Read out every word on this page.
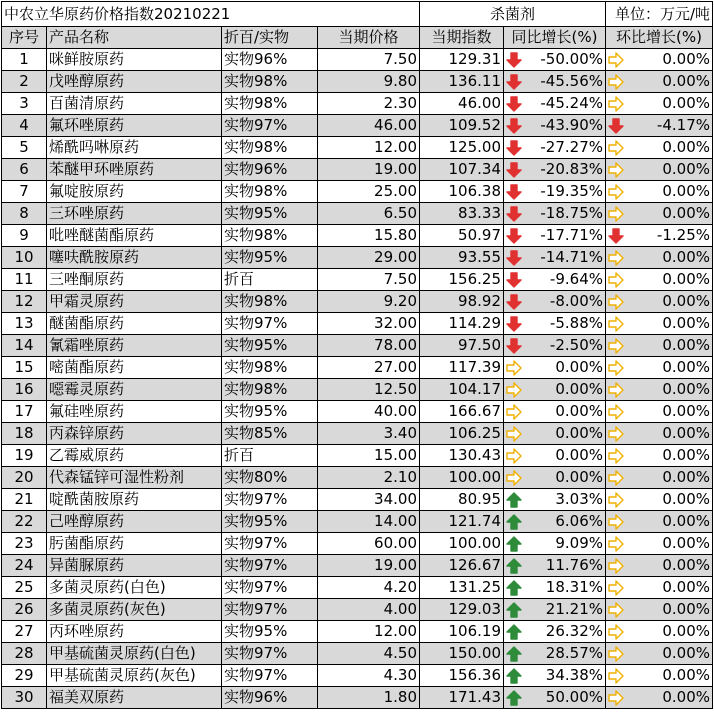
中农立华原药价格指数20210221				杀菌剂		单位：万元/吨
序号	产品名称	折百/实物	当期价格	当期指数	同比增长(%)	环比增长(%)
1	咪鲜胺原药	实物96%	7.50	129.31	-50.00%	0.00%
2	戊唑醇原药	实物98%	9.80	136.11	-45.56%	0.00%
3	百菌清原药	实物98%	2.30	46.00	-45.24%	0.00%
4	氟环唑原药	实物97%	46.00	109.52	-43.90%	-4.17%
5	烯酰吗啉原药	实物98%	12.00	125.00	-27.27%	0.00%
6	苯醚甲环唑原药	实物96%	19.00	107.34	-20.83%	0.00%
7	氟啶胺原药	实物98%	25.00	106.38	-19.35%	0.00%
8	三环唑原药	实物95%	6.50	83.33	-18.75%	0.00%
9	吡唑醚菌酯原药	实物98%	15.80	50.97	-17.71%	-1.25%
10	噻呋酰胺原药	实物95%	29.00	93.55	-14.71%	0.00%
11	三唑酮原药	折百	7.50	156.25	-9.64%	0.00%
12	甲霜灵原药	实物98%	9.20	98.92	-8.00%	0.00%
13	醚菌酯原药	实物97%	32.00	114.29	-5.88%	0.00%
14	氰霜唑原药	实物95%	78.00	97.50	-2.50%	0.00%
15	嘧菌酯原药	实物98%	27.00	117.39	0.00%	0.00%
16	噁霉灵原药	实物98%	12.50	104.17	0.00%	0.00%
17	氟硅唑原药	实物95%	40.00	166.67	0.00%	0.00%
18	丙森锌原药	实物85%	3.40	106.25	0.00%	0.00%
19	乙霉威原药	折百	15.00	130.43	0.00%	0.00%
20	代森锰锌可湿性粉剂	实物80%	2.10	100.00	0.00%	0.00%
21	啶酰菌胺原药	实物97%	34.00	80.95	3.03%	0.00%
22	己唑醇原药	实物95%	14.00	121.74	6.06%	0.00%
23	肟菌酯原药	实物97%	60.00	100.00	9.09%	0.00%
24	异菌脲原药	实物97%	19.00	126.67	11.76%	0.00%
25	多菌灵原药(白色)	实物97%	4.20	131.25	18.31%	0.00%
26	多菌灵原药(灰色)	实物97%	4.00	129.03	21.21%	0.00%
27	丙环唑原药	实物95%	12.00	106.19	26.32%	0.00%
28	甲基硫菌灵原药(白色)	实物97%	4.50	150.00	28.57%	0.00%
29	甲基硫菌灵原药(灰色)	实物97%	4.30	156.36	34.38%	0.00%
30	福美双原药	实物96%	1.80	171.43	50.00%	0.00%
